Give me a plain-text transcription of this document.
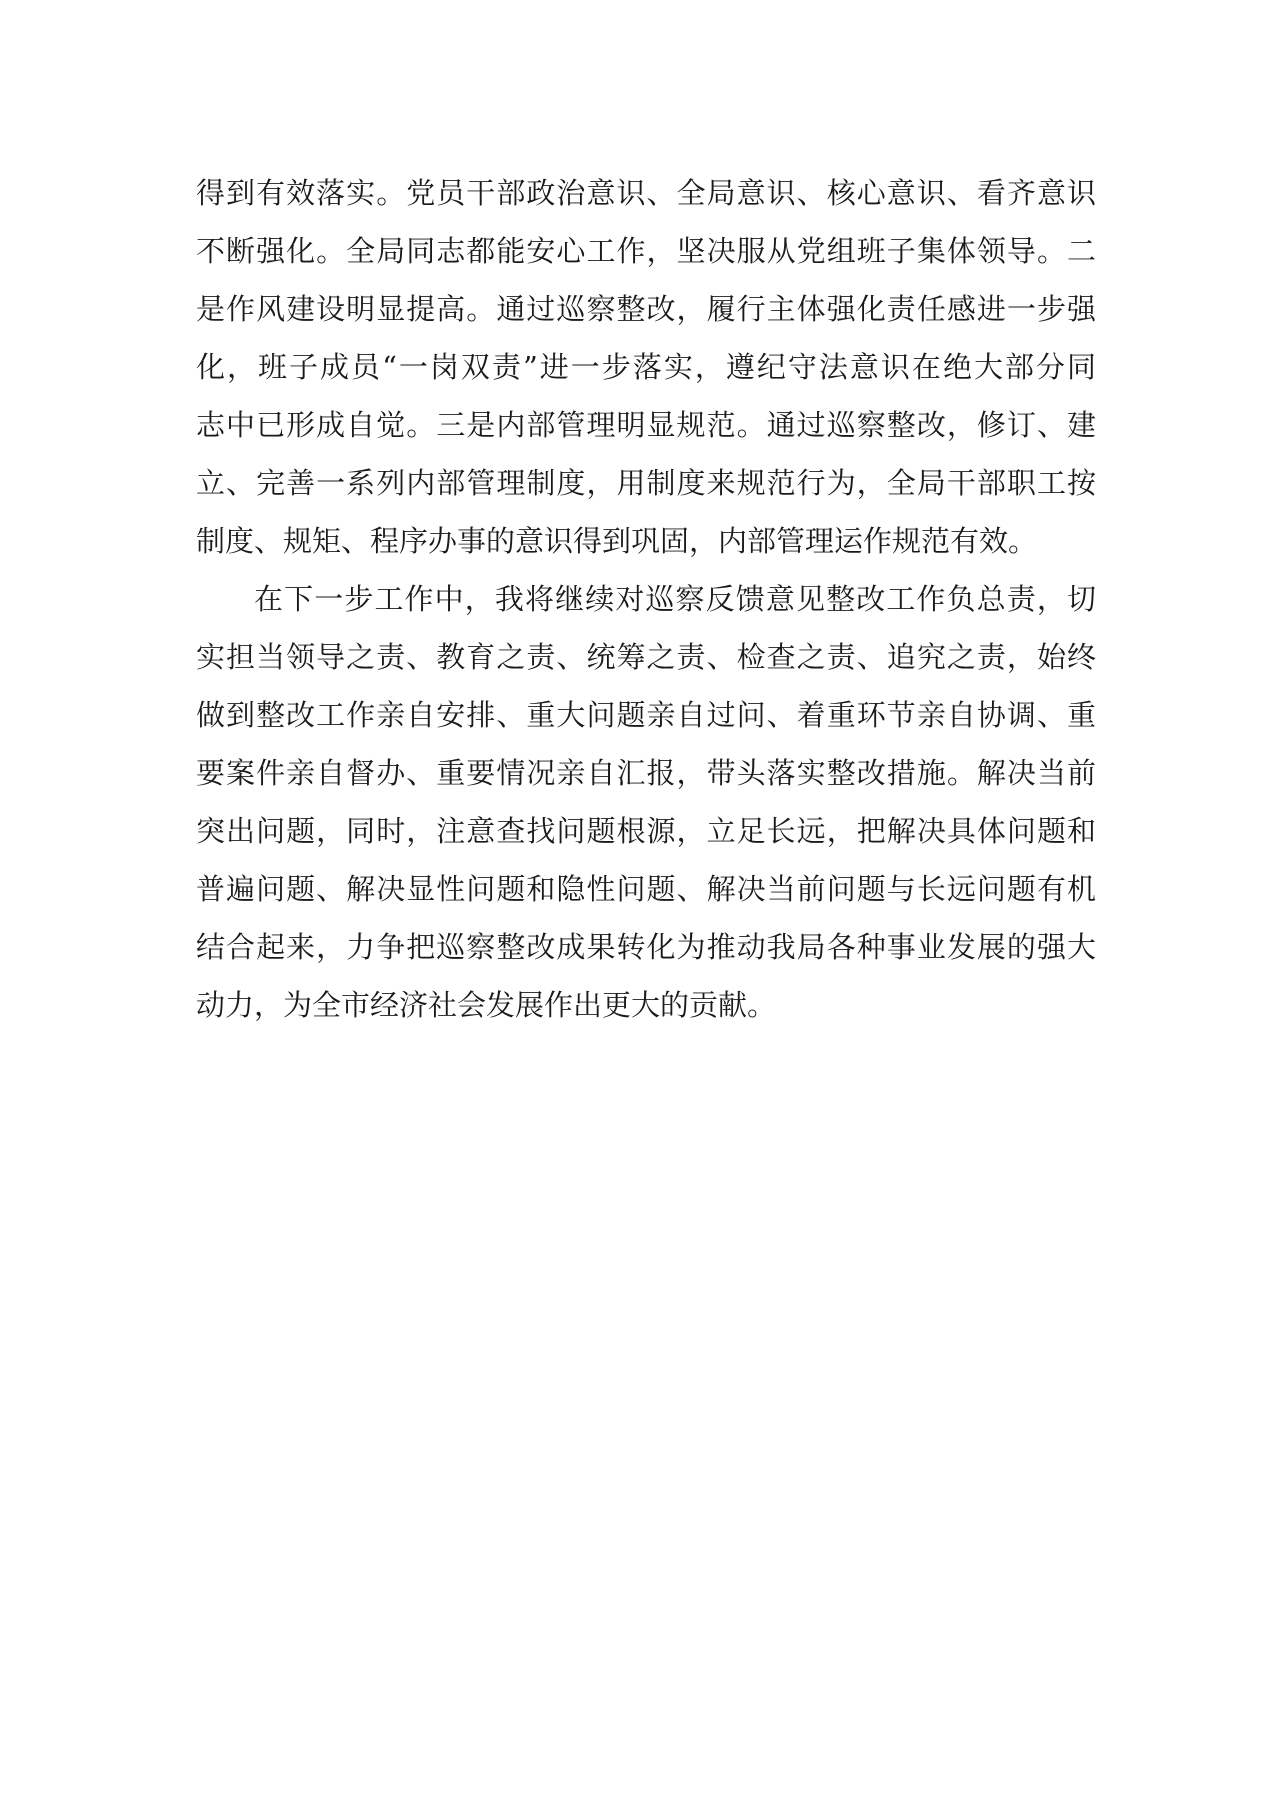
得到有效落实。党员干部政治意识、全局意识、核心意识、看齐意识
不断强化。全局同志都能安心工作，坚决服从党组班子集体领导。二
是作风建设明显提高。通过巡察整改，履行主体强化责任感进一步强
化，班子成员“一岗双责”进一步落实，遵纪守法意识在绝大部分同
志中已形成自觉。三是内部管理明显规范。通过巡察整改，修订、建
立、完善一系列内部管理制度，用制度来规范行为，全局干部职工按
制度、规矩、程序办事的意识得到巩固，内部管理运作规范有效。
在下一步工作中，我将继续对巡察反馈意见整改工作负总责，切
实担当领导之责、教育之责、统筹之责、检查之责、追究之责，始终
做到整改工作亲自安排、重大问题亲自过问、着重环节亲自协调、重
要案件亲自督办、重要情况亲自汇报，带头落实整改措施。解决当前
突出问题，同时，注意查找问题根源，立足长远，把解决具体问题和
普遍问题、解决显性问题和隐性问题、解决当前问题与长远问题有机
结合起来，力争把巡察整改成果转化为推动我局各种事业发展的强大
动力，为全市经济社会发展作出更大的贡献。
